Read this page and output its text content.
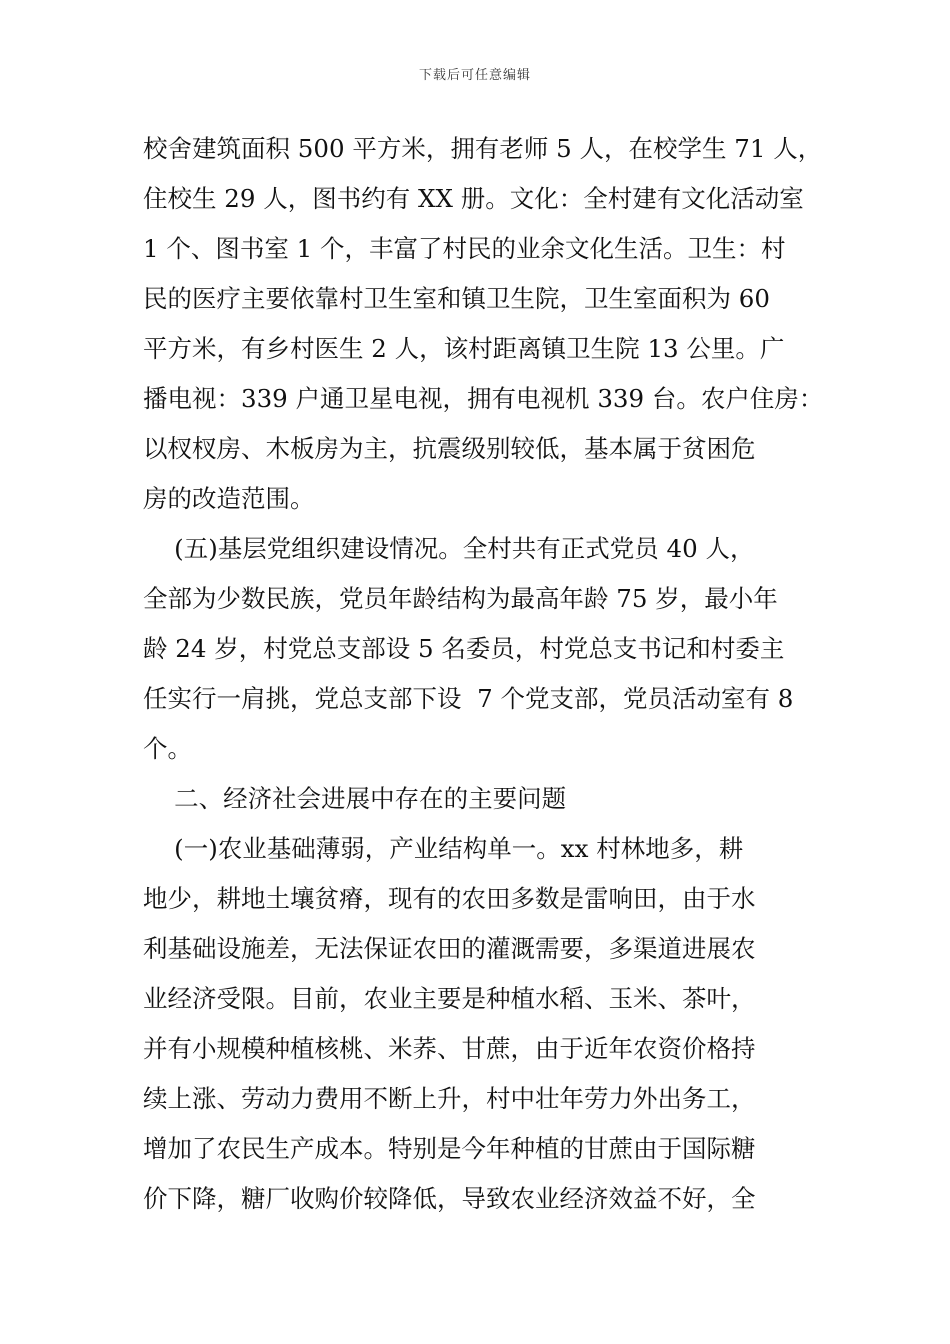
下载后可任意编辑
校舍建筑面积 500 平方米，拥有老师 5 人，在校学生 71 人，
住校生 29 人，图书约有 XX 册。文化：全村建有文化活动室
1 个、图书室 1 个，丰富了村民的业余文化生活。卫生：村
民的医疗主要依靠村卫生室和镇卫生院，卫生室面积为 60
平方米，有乡村医生 2 人，该村距离镇卫生院 13 公里。广
播电视：339 户通卫星电视，拥有电视机 339 台。农户住房：
以杈杈房、木板房为主，抗震级别较低，基本属于贫困危
房的改造范围。
(五)基层党组织建设情况。全村共有正式党员 40 人，
全部为少数民族，党员年龄结构为最高年龄 75 岁，最小年
龄 24 岁，村党总支部设 5 名委员，村党总支书记和村委主
任实行一肩挑，党总支部下设  7 个党支部，党员活动室有 8
个。
二、经济社会进展中存在的主要问题
(一)农业基础薄弱，产业结构单一。xx 村林地多，耕
地少，耕地土壤贫瘠，现有的农田多数是雷响田，由于水
利基础设施差，无法保证农田的灌溉需要，多渠道进展农
业经济受限。目前，农业主要是种植水稻、玉米、茶叶，
并有小规模种植核桃、米荞、甘蔗，由于近年农资价格持
续上涨、劳动力费用不断上升，村中壮年劳力外出务工，
增加了农民生产成本。特别是今年种植的甘蔗由于国际糖
价下降，糖厂收购价较降低，导致农业经济效益不好，全
